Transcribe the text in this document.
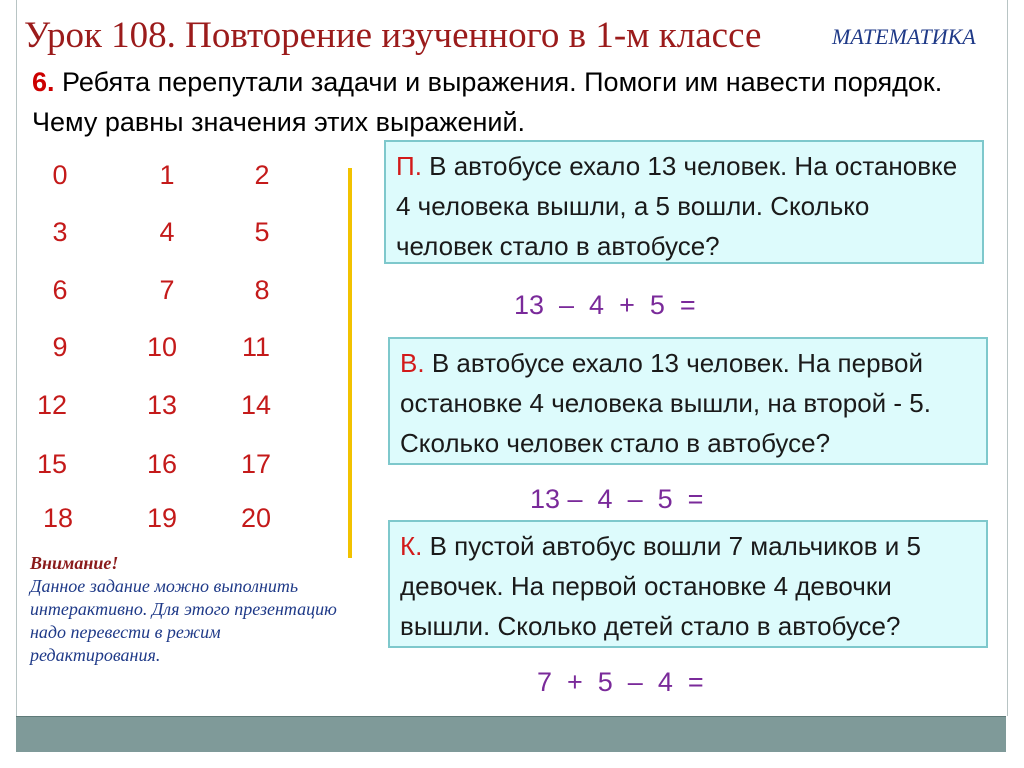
Урок 108. Повторение изученного в 1-м классе	МАТЕМАТИКА
6. Ребята перепутали задачи и выражения. Помоги им навести порядок. Чему равны значения этих выражений.
0	1	2
3	4	5
6	7	8
9	10	11
12	13	14
15	16	17
18	19	20
Внимание!
Данное задание можно выполнить интерактивно. Для этого презентацию надо перевести в режим редактирования.
П. В автобусе ехало 13 человек. На остановке 4 человека вышли, а 5 вошли. Сколько человек стало в автобусе?
13  –  4  +  5  =
В. В автобусе ехало 13 человек. На первой остановке 4 человека вышли, на второй - 5. Сколько человек стало в автобусе?
13 –  4  –  5  =
К. В пустой автобус вошли 7 мальчиков и 5 девочек. На первой остановке 4 девочки вышли. Сколько детей стало в автобусе?
7  +  5  –  4  =
